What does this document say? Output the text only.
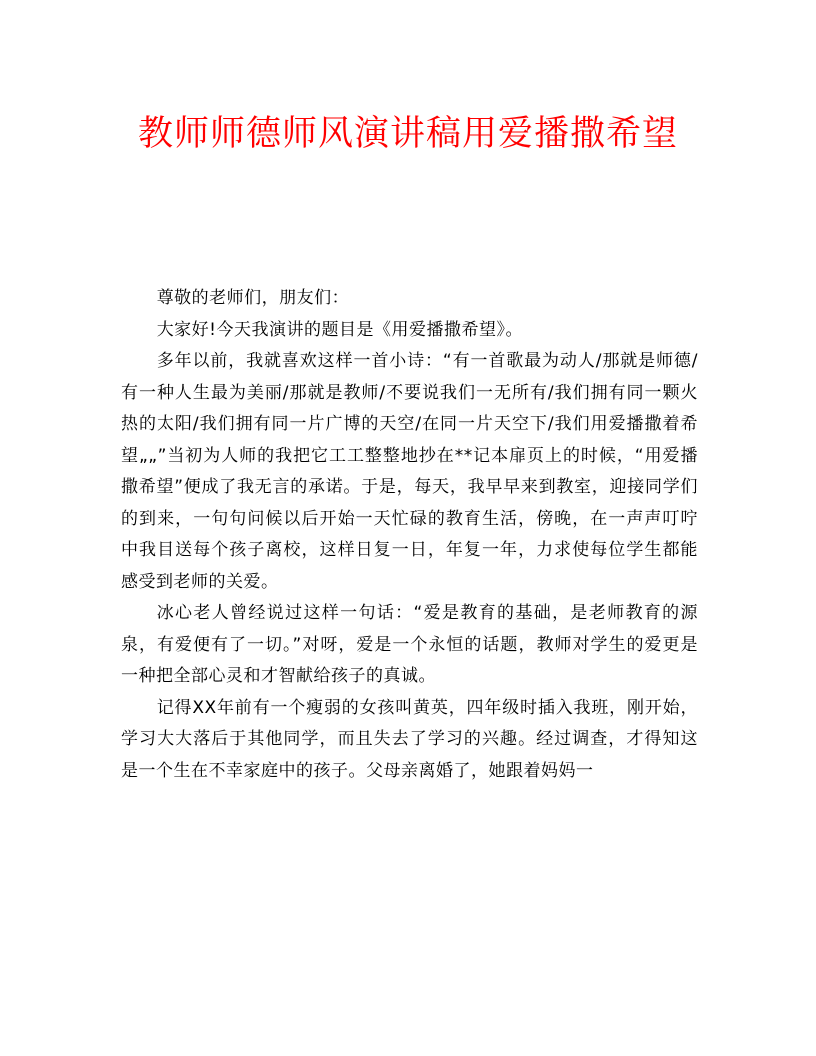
教师师德师风演讲稿用爱播撒希望

尊敬的老师们，朋友们：

大家好!今天我演讲的题目是《用爱播撒希望》。

多年以前，我就喜欢这样一首小诗：“有一首歌最为动人/那就是师德/有一种人生最为美丽/那就是教师/不要说我们一无所有/我们拥有同一颗火热的太阳/我们拥有同一片广博的天空/在同一片天空下/我们用爱播撒着希望„„”当初为人师的我把它工工整整地抄在**记本扉页上的时候，“用爱播撒希望”便成了我无言的承诺。于是，每天，我早早来到教室，迎接同学们的到来，一句句问候以后开始一天忙碌的教育生活，傍晚，在一声声叮咛中我目送每个孩子离校，这样日复一日，年复一年，力求使每位学生都能感受到老师的关爱。

冰心老人曾经说过这样一句话：“爱是教育的基础，是老师教育的源泉，有爱便有了一切。”对呀，爱是一个永恒的话题，教师对学生的爱更是一种把全部心灵和才智献给孩子的真诚。

记得XX年前有一个瘦弱的女孩叫黄英，四年级时插入我班，刚开始，学习大大落后于其他同学，而且失去了学习的兴趣。经过调查，才得知这是一个生在不幸家庭中的孩子。父母亲离婚了，她跟着妈妈一
